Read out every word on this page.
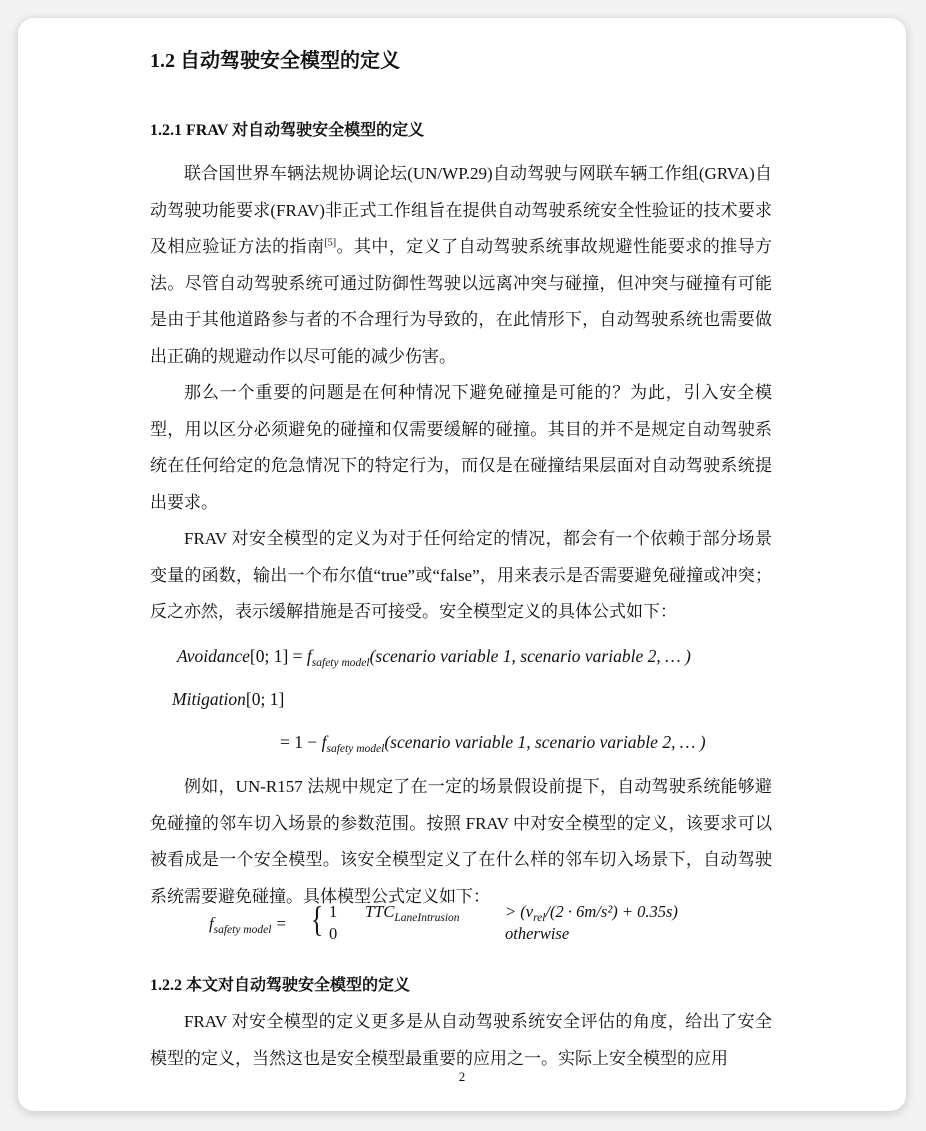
1.2 自动驾驶安全模型的定义
1.2.1 FRAV 对自动驾驶安全模型的定义

联合国世界车辆法规协调论坛(UN/WP.29)自动驾驶与网联车辆工作组(GRVA)自动驾驶功能要求(FRAV)非正式工作组旨在提供自动驾驶系统安全性验证的技术要求及相应验证方法的指南[5]。其中，定义了自动驾驶系统事故规避性能要求的推导方法。尽管自动驾驶系统可通过防御性驾驶以远离冲突与碰撞，但冲突与碰撞有可能是由于其他道路参与者的不合理行为导致的，在此情形下，自动驾驶系统也需要做出正确的规避动作以尽可能的减少伤害。

那么一个重要的问题是在何种情况下避免碰撞是可能的？为此，引入安全模型，用以区分必须避免的碰撞和仅需要缓解的碰撞。其目的并不是规定自动驾驶系统在任何给定的危急情况下的特定行为，而仅是在碰撞结果层面对自动驾驶系统提出要求。

FRAV 对安全模型的定义为对于任何给定的情况，都会有一个依赖于部分场景变量的函数，输出一个布尔值“true”或“false”，用来表示是否需要避免碰撞或冲突；反之亦然，表示缓解措施是否可接受。安全模型定义的具体公式如下：

Avoidance[0; $1] = f_{safety model}(scenario$ variable 1, scenario variable 2, … )
Mitigation[0; 1]
= $1 - f_{safety model}(scenario$ variable 1, scenario variable 2, … )

例如，UN-R157 法规中规定了在一定的场景假设前提下，自动驾驶系统能够避免碰撞的邻车切入场景的参数范围。按照 FRAV 中对安全模型的定义，该要求可以被看成是一个安全模型。该安全模型定义了在什么样的邻车切入场景下，自动驾驶系统需要避免碰撞。具体模型公式定义如下：

$f_{safety model}$ = { 1
0
$TTC_{LaneIntrusion}$	> $(v_{rel}/(2 \cdot 6m/s^2) + 0.35s)$
otherwise
1.2.2 本文对自动驾驶安全模型的定义

FRAV 对安全模型的定义更多是从自动驾驶系统安全评估的角度，给出了安全模型的定义，当然这也是安全模型最重要的应用之一。实际上安全模型的应用

2
